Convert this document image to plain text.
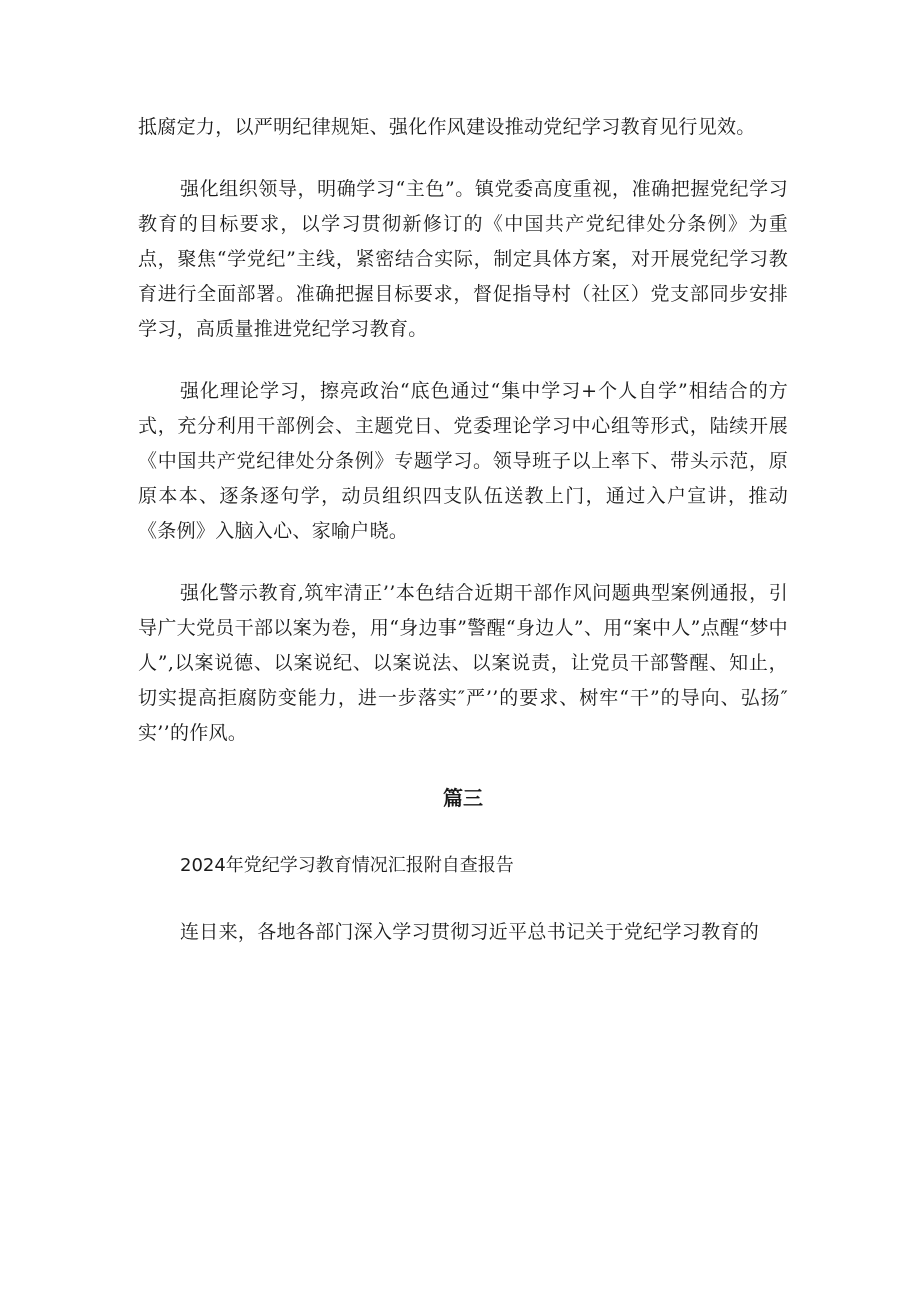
抵腐定力，以严明纪律规矩、强化作风建设推动党纪学习教育见行见效。

强化组织领导，明确学习“主色”。镇党委高度重视，准确把握党纪学习教育的目标要求，以学习贯彻新修订的《中国共产党纪律处分条例》为重点，聚焦“学党纪”主线，紧密结合实际，制定具体方案，对开展党纪学习教育进行全面部署。准确把握目标要求，督促指导村（社区）党支部同步安排学习，高质量推进党纪学习教育。

强化理论学习，擦亮政治“底色通过“集中学习+个人自学”相结合的方式，充分利用干部例会、主题党日、党委理论学习中心组等形式，陆续开展《中国共产党纪律处分条例》专题学习。领导班子以上率下、带头示范，原原本本、逐条逐句学，动员组织四支队伍送教上门，通过入户宣讲，推动《条例》入脑入心、家喻户晓。

强化警示教育,筑牢清正’’本色结合近期干部作风问题典型案例通报，引导广大党员干部以案为卷，用“身边事”警醒“身边人”、用“案中人”点醒“梦中人”,以案说德、以案说纪、以案说法、以案说责，让党员干部警醒、知止，切实提高拒腐防变能力，进一步落实″严’’的要求、树牢“干”的导向、弘扬″实’’的作风。

篇三

2024年党纪学习教育情况汇报附自查报告

连日来，各地各部门深入学习贯彻习近平总书记关于党纪学习教育的
